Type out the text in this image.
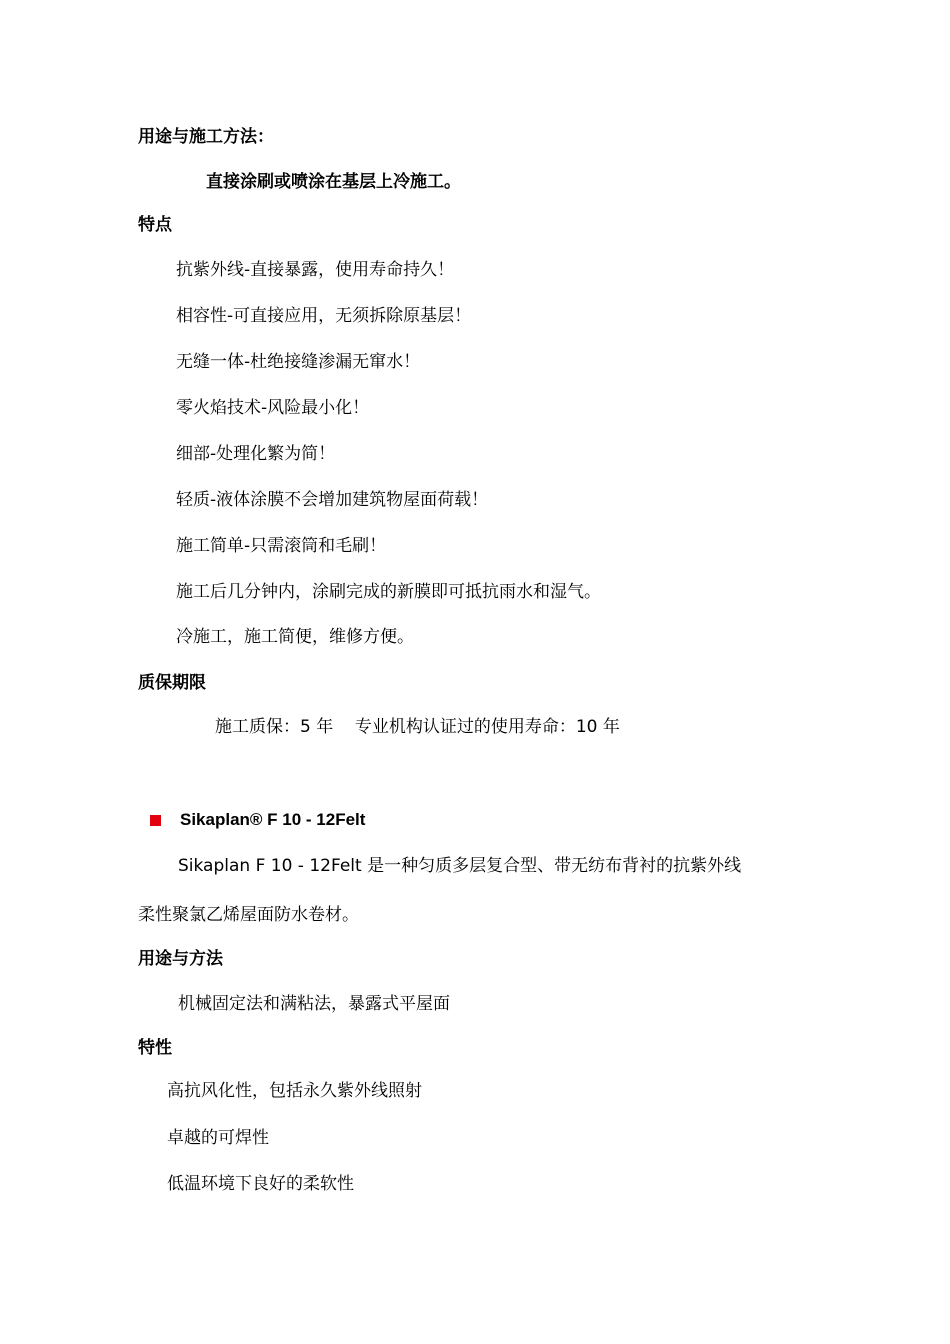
用途与施工方法：
直接涂刷或喷涂在基层上冷施工。
特点
抗紫外线-直接暴露，使用寿命持久！
相容性-可直接应用，无须拆除原基层！
无缝一体-杜绝接缝渗漏无窜水！
零火焰技术-风险最小化！
细部-处理化繁为简！
轻质-液体涂膜不会增加建筑物屋面荷载！
施工简单-只需滚筒和毛刷！
施工后几分钟内，涂刷完成的新膜即可抵抗雨水和湿气。
冷施工，施工简便，维修方便。
质保期限
施工质保：5 年    专业机构认证过的使用寿命：10 年
Sikaplan® F 10 - 12Felt
Sikaplan F 10 - 12Felt 是一种匀质多层复合型、带无纺布背衬的抗紫外线
柔性聚氯乙烯屋面防水卷材。
用途与方法
机械固定法和满粘法，暴露式平屋面
特性
高抗风化性，包括永久紫外线照射
卓越的可焊性
低温环境下良好的柔软性
